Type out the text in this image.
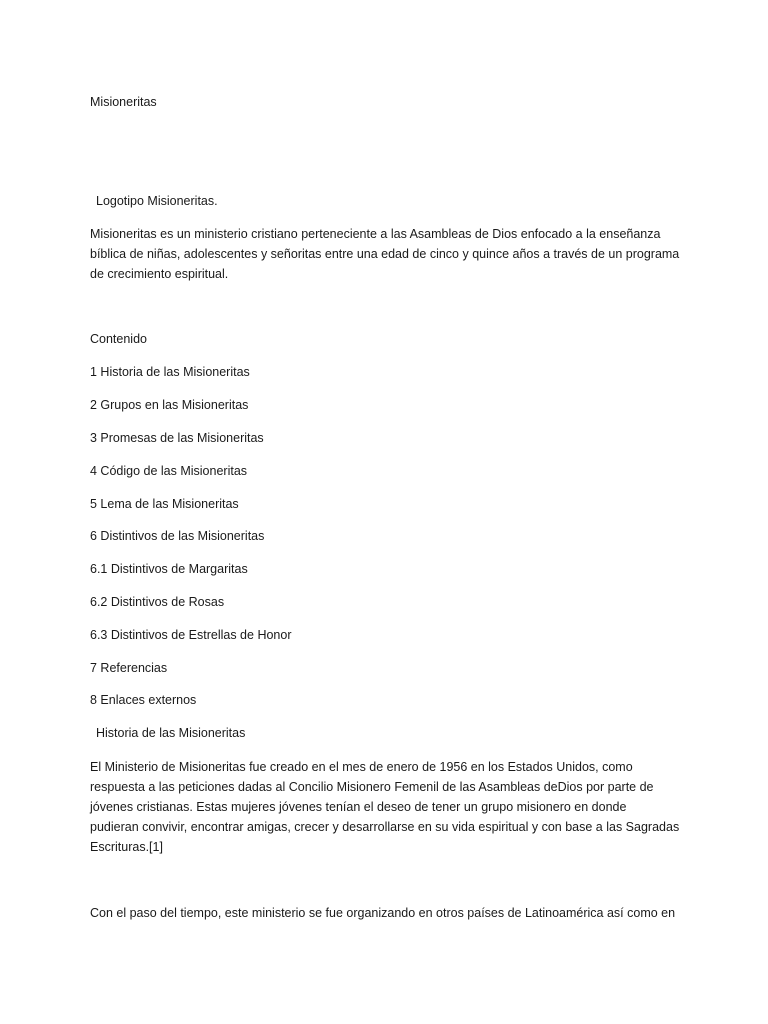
Misioneritas

Logotipo Misioneritas.

Misioneritas es un ministerio cristiano perteneciente a las Asambleas de Dios enfocado a la enseñanza
bíblica de niñas, adolescentes y señoritas entre una edad de cinco y quince años a través de un programa
de crecimiento espiritual.

Contenido

1 Historia de las Misioneritas

2 Grupos en las Misioneritas

3 Promesas de las Misioneritas

4 Código de las Misioneritas

5 Lema de las Misioneritas

6 Distintivos de las Misioneritas

6.1 Distintivos de Margaritas

6.2 Distintivos de Rosas

6.3 Distintivos de Estrellas de Honor

7 Referencias

8 Enlaces externos

Historia de las Misioneritas

El Ministerio de Misioneritas fue creado en el mes de enero de 1956 en los Estados Unidos, como
respuesta a las peticiones dadas al Concilio Misionero Femenil de las Asambleas deDios por parte de
jóvenes cristianas. Estas mujeres jóvenes tenían el deseo de tener un grupo misionero en donde
pudieran convivir, encontrar amigas, crecer y desarrollarse en su vida espiritual y con base a las Sagradas
Escrituras.[1]

Con el paso del tiempo, este ministerio se fue organizando en otros países de Latinoamérica así como en
